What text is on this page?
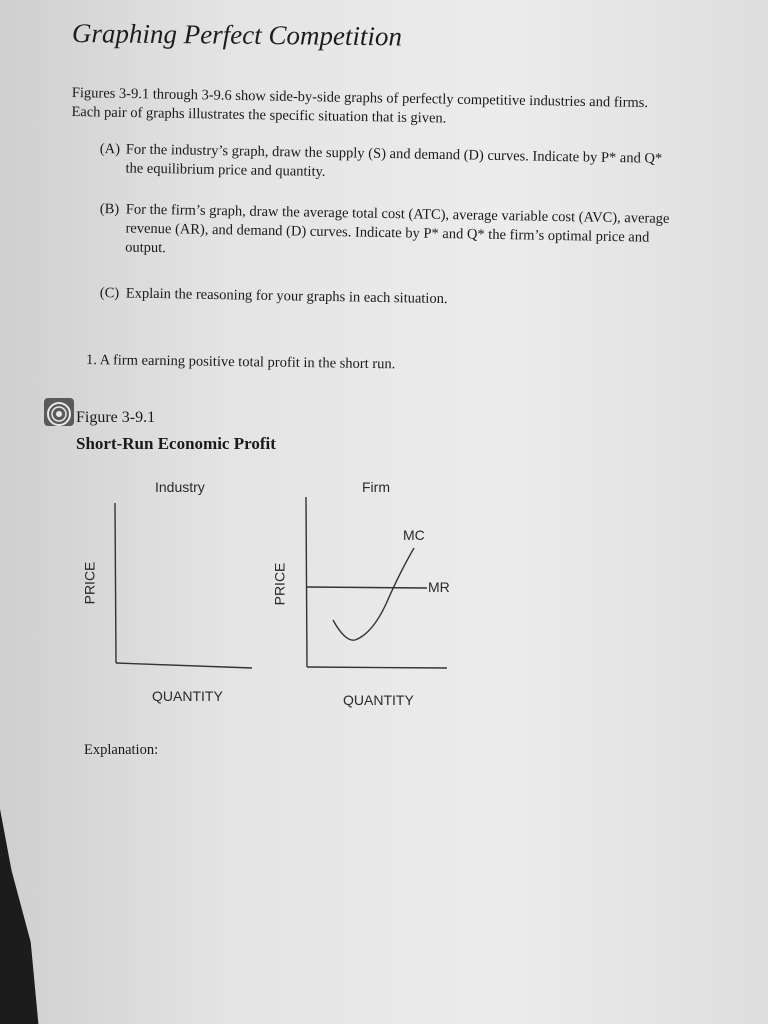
Graphing Perfect Competition
Figures 3-9.1 through 3-9.6 show side-by-side graphs of perfectly competitive industries and firms. Each pair of graphs illustrates the specific situation that is given.
(A) For the industry’s graph, draw the supply (S) and demand (D) curves. Indicate by P* and Q* the equilibrium price and quantity.
(B) For the firm’s graph, draw the average total cost (ATC), average variable cost (AVC), average revenue (AR), and demand (D) curves. Indicate by P* and Q* the firm’s optimal price and output.
(C) Explain the reasoning for your graphs in each situation.
1. A firm earning positive total profit in the short run.
Figure 3-9.1
Short-Run Economic Profit
Industry
PRICE
QUANTITY
Firm
PRICE
QUANTITY
MC
MR
Explanation:
